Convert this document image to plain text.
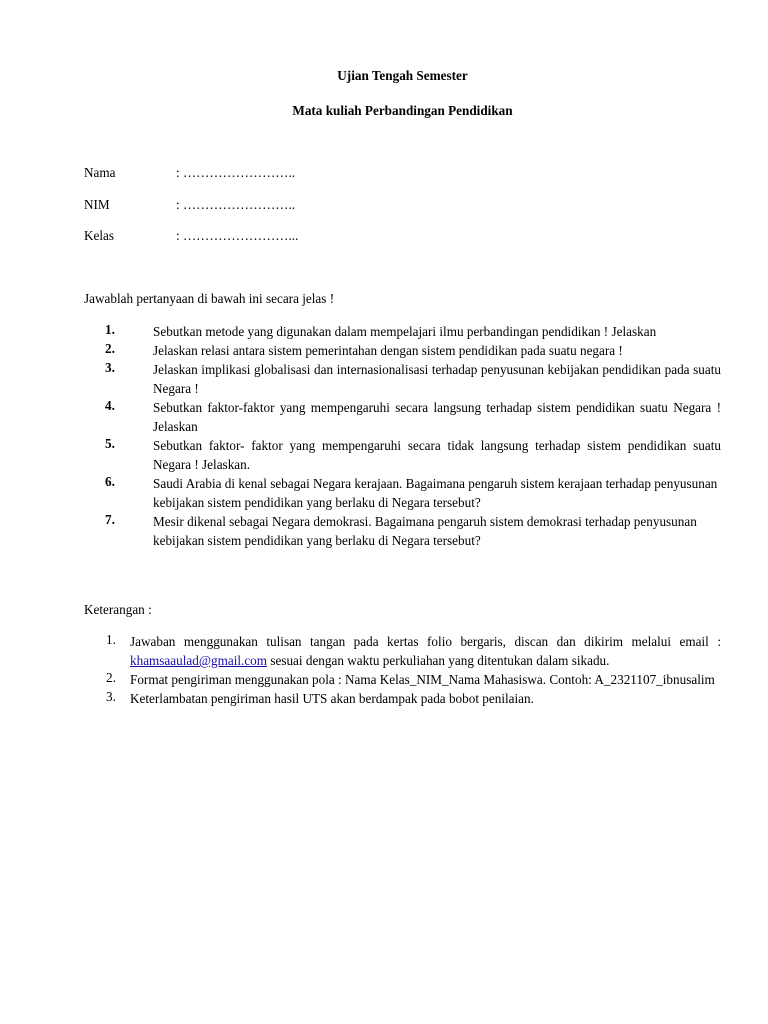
Ujian Tengah Semester
Mata kuliah Perbandingan Pendidikan
Nama	: ……………………..
NIM	: ……………………..
Kelas	: ……………………...
Jawablah pertanyaan di bawah ini secara jelas !
1.	Sebutkan metode yang digunakan dalam mempelajari ilmu perbandingan pendidikan ! Jelaskan
2.	Jelaskan relasi antara sistem pemerintahan dengan sistem pendidikan pada suatu negara !
3.	Jelaskan implikasi globalisasi dan internasionalisasi terhadap penyusunan kebijakan pendidikan pada suatu Negara !
4.	Sebutkan faktor-faktor yang mempengaruhi secara langsung terhadap sistem pendidikan suatu Negara ! Jelaskan
5.	Sebutkan faktor- faktor yang mempengaruhi secara tidak langsung terhadap sistem pendidikan suatu Negara ! Jelaskan.
6.	Saudi Arabia di kenal sebagai Negara kerajaan. Bagaimana pengaruh sistem kerajaan terhadap penyusunan kebijakan sistem pendidikan yang berlaku di Negara tersebut?
7.	Mesir dikenal sebagai Negara demokrasi. Bagaimana pengaruh sistem demokrasi terhadap penyusunan kebijakan sistem pendidikan yang berlaku di Negara tersebut?
Keterangan :
1. Jawaban menggunakan tulisan tangan pada kertas folio bergaris, discan dan dikirim melalui email : khamsaaulad@gmail.com sesuai dengan waktu perkuliahan yang ditentukan dalam sikadu.
2. Format pengiriman menggunakan pola : Nama Kelas_NIM_Nama Mahasiswa. Contoh: A_2321107_ibnusalim
3. Keterlambatan pengiriman hasil UTS akan berdampak pada bobot penilaian.
